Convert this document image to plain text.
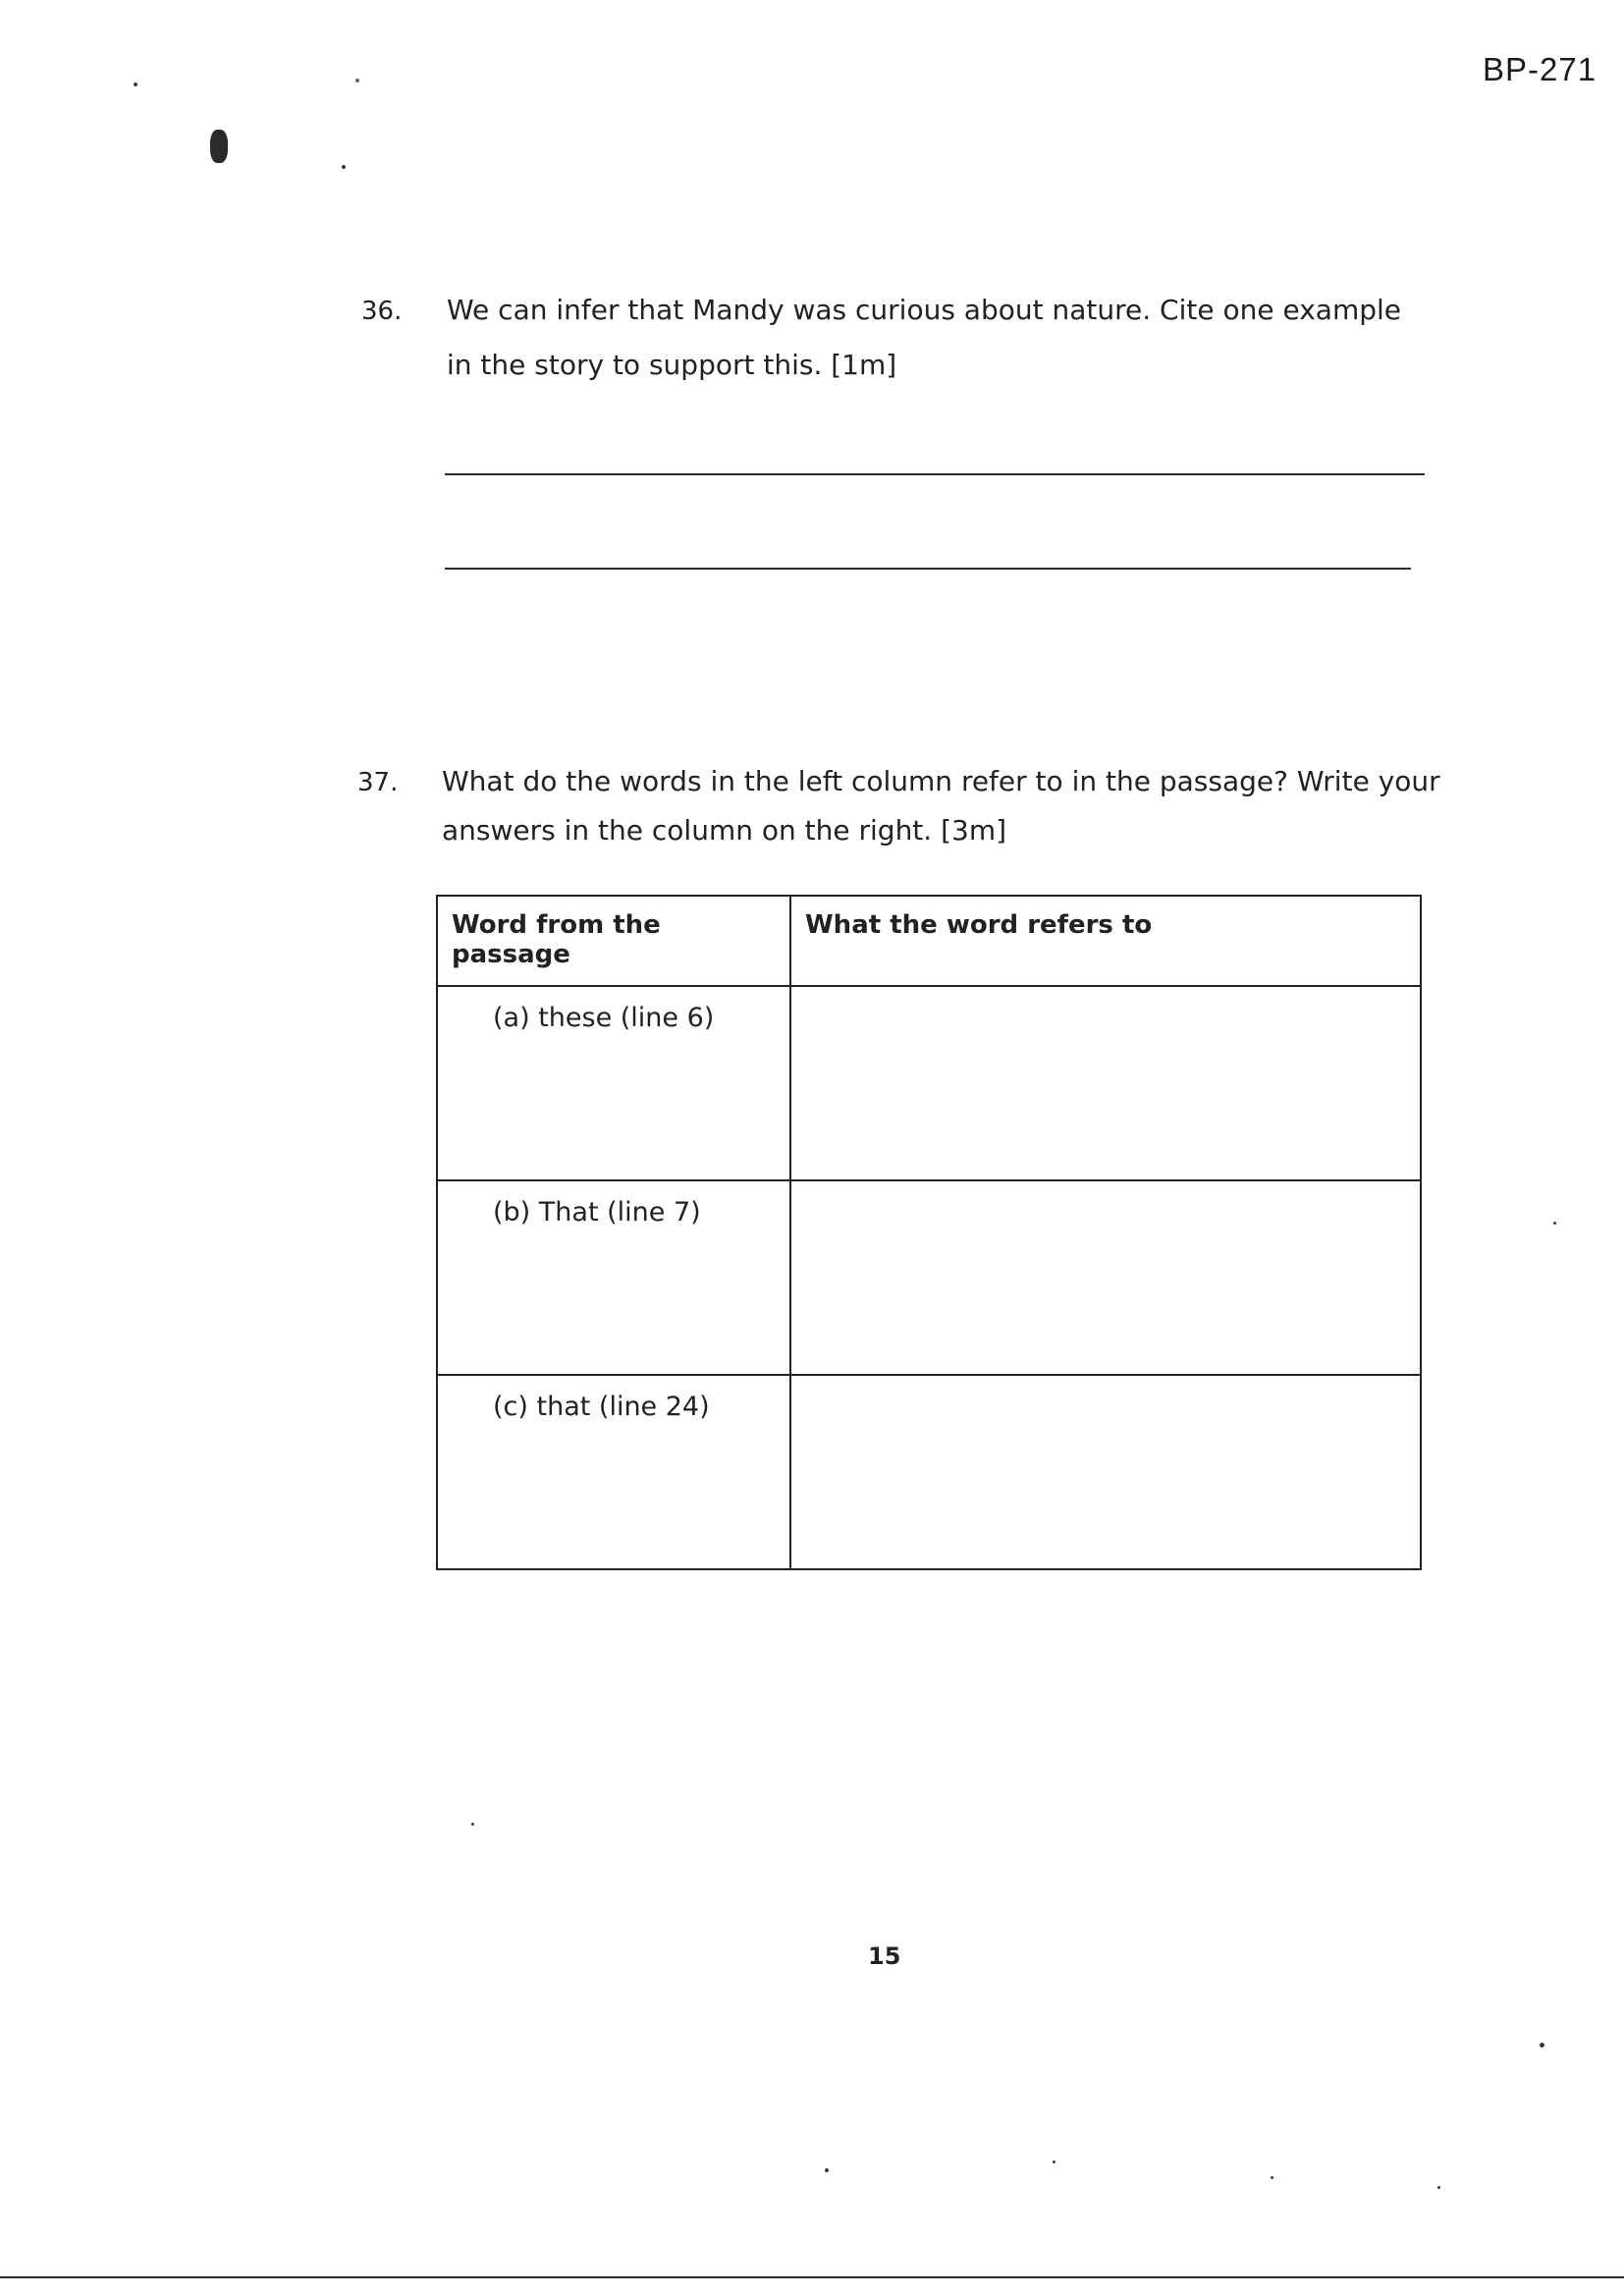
BP-271
36. We can infer that Mandy was curious about nature. Cite one example
in the story to support this. [1m]
37. What do the words in the left column refer to in the passage? Write your
answers in the column on the right. [3m]
Word from the passage	What the word refers to
(a) these (line 6)	
(b) That (line 7)	
(c) that (line 24)	
15
